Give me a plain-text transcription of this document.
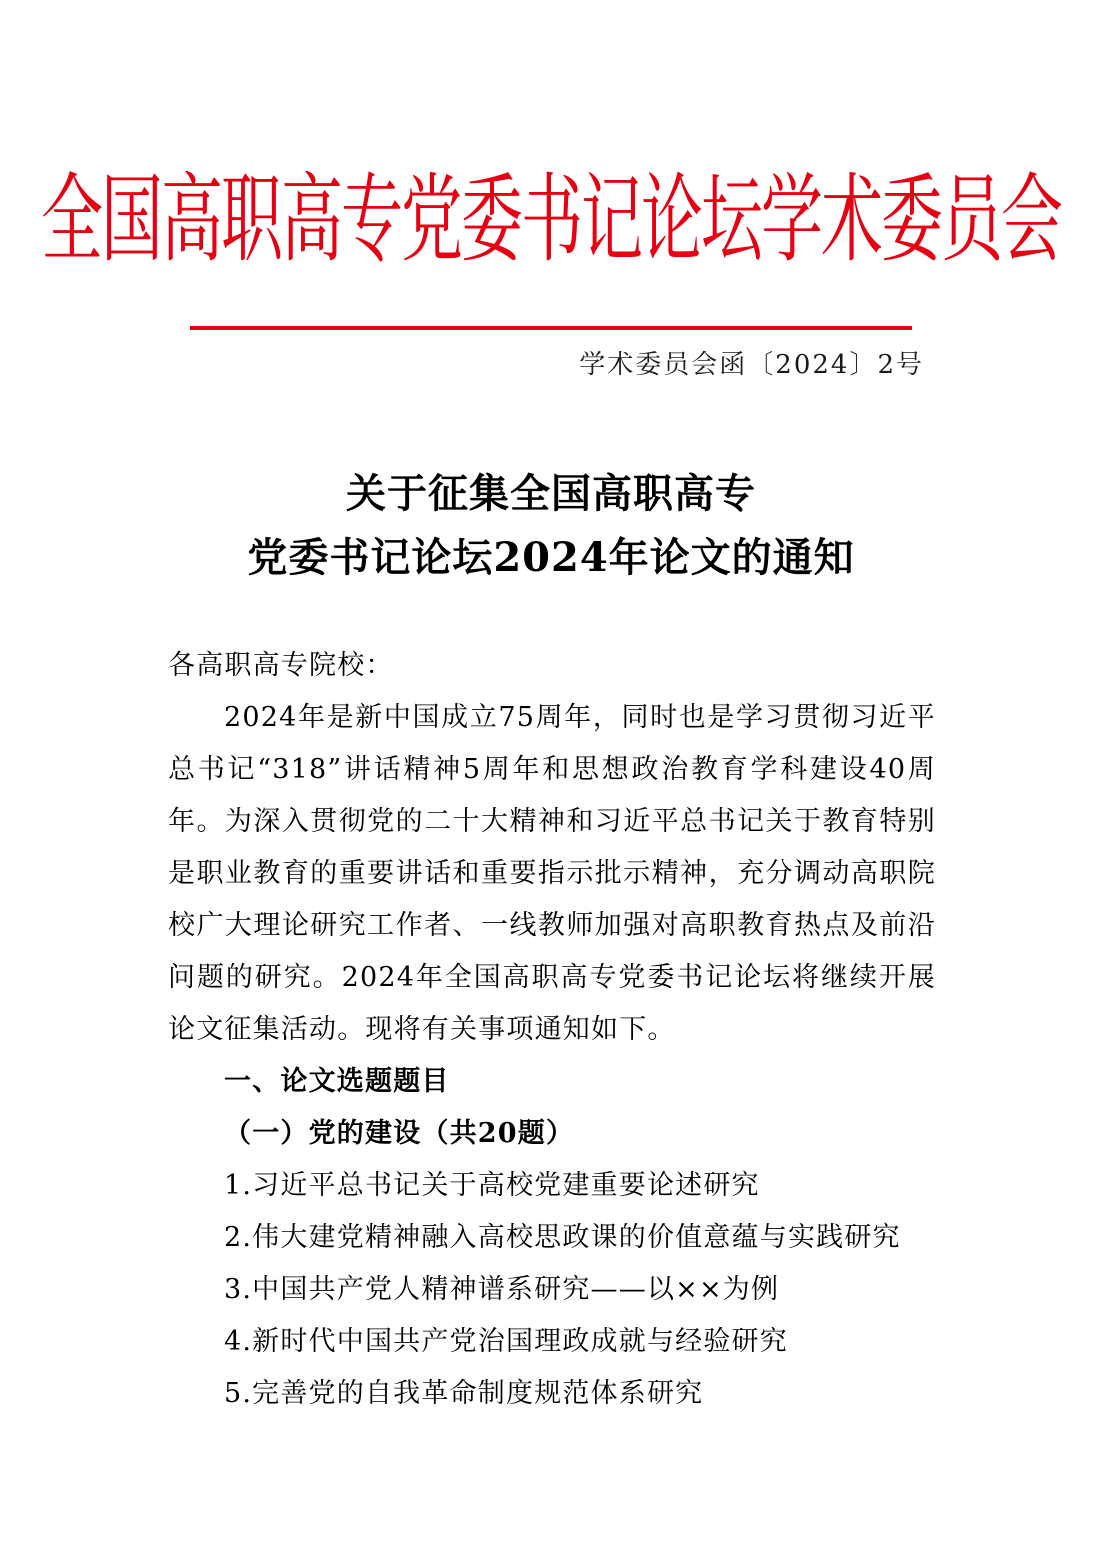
全国高职高专党委书记论坛学术委员会
学术委员会函〔2024〕2号
关于征集全国高职高专
党委书记论坛2024年论文的通知

各高职高专院校：

2024年是新中国成立75周年，同时也是学习贯彻习近平总书记“318”讲话精神5周年和思想政治教育学科建设40周年。为深入贯彻党的二十大精神和习近平总书记关于教育特别是职业教育的重要讲话和重要指示批示精神，充分调动高职院校广大理论研究工作者、一线教师加强对高职教育热点及前沿问题的研究。2024年全国高职高专党委书记论坛将继续开展论文征集活动。现将有关事项通知如下。

一、论文选题题目

（一）党的建设（共20题）

1.习近平总书记关于高校党建重要论述研究
2.伟大建党精神融入高校思政课的价值意蕴与实践研究
3.中国共产党人精神谱系研究——以××为例
4.新时代中国共产党治国理政成就与经验研究
5.完善党的自我革命制度规范体系研究
